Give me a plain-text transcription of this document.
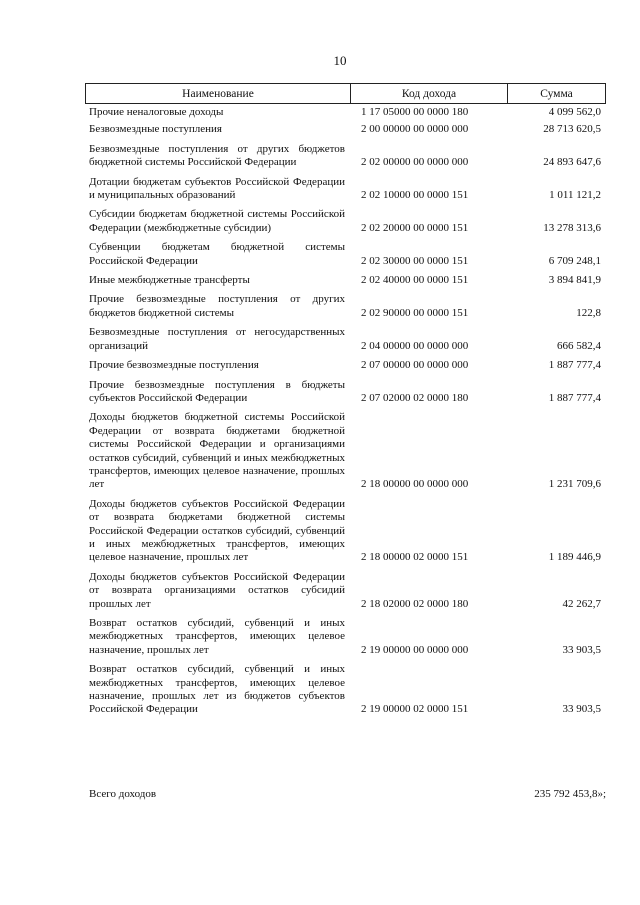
10
Наименование	Код дохода	Сумма
Прочие неналоговые доходы	1 17 05000 00 0000 180	4 099 562,0
Безвозмездные поступления	2 00 00000 00 0000 000	28 713 620,5
Безвозмездные поступления от других бюджетов бюджетной системы Российской Федерации	2 02 00000 00 0000 000	24 893 647,6
Дотации бюджетам субъектов Российской Федерации и муниципальных образований	2 02 10000 00 0000 151	1 011 121,2
Субсидии бюджетам бюджетной системы Российской Федерации (межбюджетные субсидии)	2 02 20000 00 0000 151	13 278 313,6
Субвенции бюджетам бюджетной системы Российской Федерации	2 02 30000 00 0000 151	6 709 248,1
Иные межбюджетные трансферты	2 02 40000 00 0000 151	3 894 841,9
Прочие безвозмездные поступления от других бюджетов бюджетной системы	2 02 90000 00 0000 151	122,8
Безвозмездные поступления от негосударственных организаций	2 04 00000 00 0000 000	666 582,4
Прочие безвозмездные поступления	2 07 00000 00 0000 000	1 887 777,4
Прочие безвозмездные поступления в бюджеты субъектов Российской Федерации	2 07 02000 02 0000 180	1 887 777,4
Доходы бюджетов бюджетной системы Российской Федерации от возврата бюджетами бюджетной системы Российской Федерации и организациями остатков субсидий, субвенций и иных межбюджетных трансфертов, имеющих целевое назначение, прошлых лет	2 18 00000 00 0000 000	1 231 709,6
Доходы бюджетов субъектов Российской Федерации от возврата бюджетами бюджетной системы Российской Федерации остатков субсидий, субвенций и иных межбюджетных трансфертов, имеющих целевое назначение, прошлых лет	2 18 00000 02 0000 151	1 189 446,9
Доходы бюджетов субъектов Российской Федерации от возврата организациями остатков субсидий прошлых лет	2 18 02000 02 0000 180	42 262,7
Возврат остатков субсидий, субвенций и иных межбюджетных трансфертов, имеющих целевое назначение, прошлых лет	2 19 00000 00 0000 000	33 903,5
Возврат остатков субсидий, субвенций и иных межбюджетных трансфертов, имеющих целевое назначение, прошлых лет из бюджетов субъектов Российской Федерации	2 19 00000 02 0000 151	33 903,5
Всего доходов	235 792 453,8»;
